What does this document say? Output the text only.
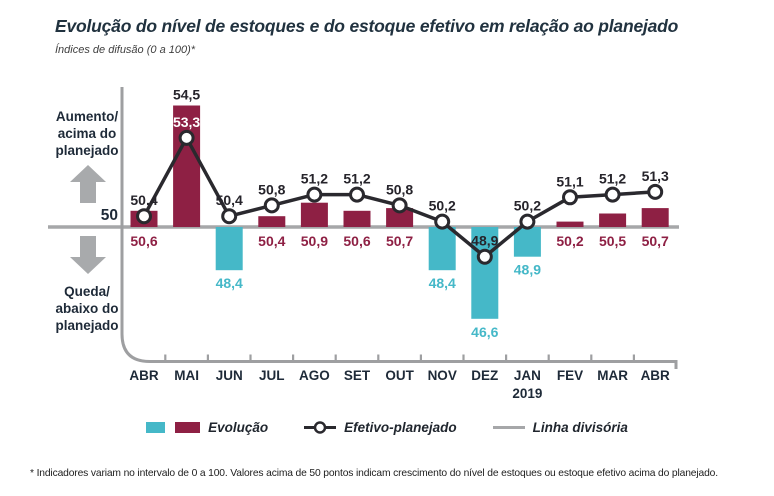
Evolução do nível de estoques e do estoque efetivo em relação ao planejado
Índices de difusão (0 a 100)*
Aumento/
acima do
planejado
50
Queda/
abaixo do
planejado
50,4
53,3
50,4
50,8
51,2 51,2
50,8
50,2
48,9
50,2
51,1 51,2 51,3
50,6
54,5
48,4
50,4 50,9 50,6 50,7
48,4
46,6
48,9
50,2 50,5 50,7
ABR MAI JUN JUL AGO SET OUT NOV DEZ JAN FEV MAR ABR
2019
Evolução	Efetivo-planejado	Linha divisória
* Indicadores variam no intervalo de 0 a 100. Valores acima de 50 pontos indicam crescimento do nível de estoques ou estoque efetivo acima do planejado.
